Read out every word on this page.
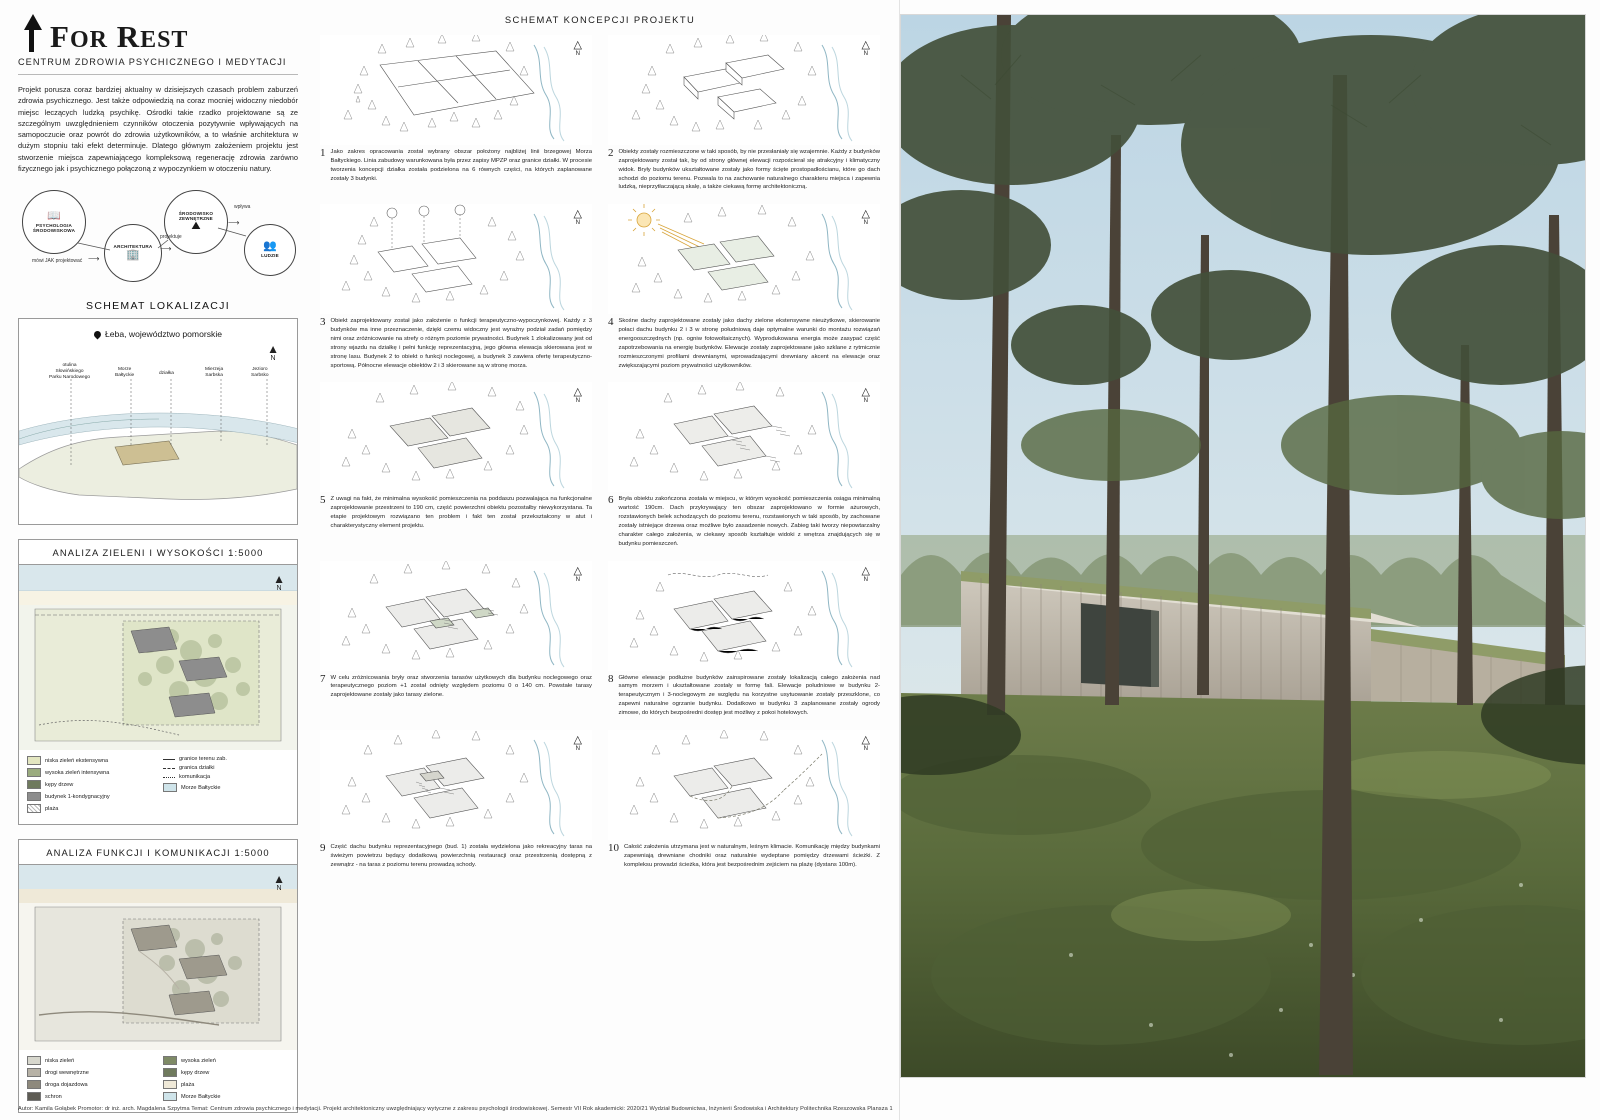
FOR REST
CENTRUM ZDROWIA PSYCHICZNEGO I MEDYTACJI
Projekt porusza coraz bardziej aktualny w dzisiejszych czasach problem zaburzeń zdrowia psychicznego. Jest także odpowiedzią na coraz mocniej widoczny niedobór miejsc leczących ludzką psychikę. Ośrodki takie rzadko projektowane są ze szczególnym uwzględnieniem czynników otoczenia pozytywnie wpływających na samopoczucie oraz powrót do zdrowia użytkowników, a to właśnie architektura w dużym stopniu taki efekt determinuje. Dlatego głównym założeniem projektu jest stworzenie miejsca zapewniającego kompleksową regenerację zdrowia zarówno fizycznego jak i psychicznego połączoną z wypoczynkiem w otoczeniu natury.
📖
PSYCHOLOGIA
ŚRODOWISKOWA
ARCHITEKTURA
🏢
ŚRODOWISKO
ZEWNĘTRZNE
⛰
👥
LUDZIE
mówi JAK projektować
projektuje
wpływa
⟶
⟶
⟶
SCHEMAT LOKALIZACJI
Łeba, województwo pomorskie
▲
N
otulina
Słowińskiego
Parku Narodowego
Morze
Bałtyckie	działka
Mierzeja
Sarbska
Jezioro
Sarbsko
ANALIZA ZIELENI I WYSOKOŚCI 1:5000
▲
N
niska zieleń ekstensywna
wysoka zieleń intensywna
kępy drzew
budynek 1-kondygnacyjny
plaża
granice terenu zab.
granica działki
komunikacja
Morze Bałtyckie
ANALIZA FUNKCJI I KOMUNIKACJI 1:5000
▲
N
niska zieleń
drogi wewnętrzne
droga dojazdowa
schron
wysoka zieleń
kępy drzew
plaża
Morze Bałtyckie
SCHEMAT KONCEPCJI PROJEKTU
△
N
1 Jako zakres opracowania został wybrany obszar położony najbliżej linii brzegowej Morza Bałtyckiego. Linia zabudowy warunkowana była przez zapisy MPZP oraz granice działki. W procesie tworzenia koncepcji działka została podzielona na 6 równych części, na których zaplanowane zostały 3 budynki.
△
N
2 Obiekty zostały rozmieszczone w taki sposób, by nie przesłaniały się wzajemnie. Każdy z budynków zaprojektowany został tak, by od strony głównej elewacji rozpościerał się atrakcyjny i klimatyczny widok. Bryły budynków ukształtowane zostały jako formy ścięte prostopadłościanu, które go dach schodzi do poziomu terenu. Pozwala to na zachowanie naturalnego charakteru miejsca i zapewnia ludzką, nieprzytłaczającą skalę, a także ciekawą formę architektoniczną.
△
N
3 Obiekt zaprojektowany został jako założenie o funkcji terapeutyczno-wypoczynkowej. Każdy z 3 budynków ma inne przeznaczenie, dzięki czemu widoczny jest wyraźny podział zadań pomiędzy nimi oraz zróżnicowanie na strefy o różnym poziomie prywatności. Budynek 1 zlokalizowany jest od strony wjazdu na działkę i pełni funkcję reprezentacyjną, jego główna elewacja skierowana jest w stronę lasu. Budynek 2 to obiekt o funkcji noclegowej, a budynek 3 zawiera ofertę terapeutyczno-sportową. Północne elewacje obiektów 2 i 3 skierowane są w stronę morza.
△
N
4 Skośne dachy zaprojektowane zostały jako dachy zielone ekstensywne nieużytkowe, skierowanie połaci dachu budynku 2 i 3 w stronę południową daje optymalne warunki do montażu rozwiązań energooszczędnych (np. ogniw fotowoltaicznych). Wyprodukowana energia może zasypać część zapotrzebowania na energię budynków. Elewacje zostały zaprojektowane jako szklane z rytmicznie rozmieszczonymi profilami drewnianymi, wprowadzającymi drewniany akcent na elewacje oraz zwiększającymi poziom prywatności użytkowników.
△
N
5 Z uwagi na fakt, że minimalna wysokość pomieszczenia na poddaszu pozwalająca na funkcjonalne zaprojektowanie przestrzeni to 190 cm, część powierzchni obiektu pozostałby niewykorzystana. Ta etapie projektowym rozwiązano ten problem i fakt ten został przekształcony w atut i charakterystyczny element projektu.
△
N
6 Bryła obiektu zakończona została w miejscu, w którym wysokość pomieszczenia osiąga minimalną wartość 190cm. Dach przykrywający ten obszar zaprojektowano w formie ażurowych, rozstawionych belek schodzących do poziomu terenu, rozstawionych w taki sposób, by zachowane zostały istniejące drzewa oraz możliwe było zasadzenie nowych. Zabieg taki tworzy niepowtarzalny charakter całego założenia, w ciekawy sposób kształtuje widoki z wnętrza znajdujących się w budynku pomieszczeń.
△
N
7 W celu zróżnicowania bryły oraz stworzenia tarasów użytkowych dla budynku noclegowego oraz terapeutycznego poziom +1 został odnięty względem poziomu 0 o 140 cm. Powstałe tarasy zaprojektowane zostały jako tarasy zielone.
△
N
8 Główne elewacje podłużne budynków zainspirowane zostały lokalizacją całego założenia nad samym morzem i ukształtowane zostały w formę fali. Elewacje południowe w budynku 2-terapeutycznym i 3-noclegowym ze względu na korzystne usytuowanie zostały przeszklone, co zapewni naturalne ogrzanie budynku. Dodatkowo w budynku 3 zaplanowane zostały ogrody zimowe, do których bezpośredni dostęp jest możliwy z pokoi hotelowych.
△
N
9 Część dachu budynku reprezentacyjnego (bud. 1) została wydzielona jako rekreacyjny taras na świeżym powietrzu będący dodatkową powierzchnią restauracji oraz przestrzenią dostępną z zewnątrz - na taras z poziomu terenu prowadzą schody.
△
N
10 Całość założenia utrzymana jest w naturalnym, leśnym klimacie. Komunikację między budynkami zapewniają drewniane chodniki oraz naturalnie wydeptane pomiędzy drzewami ścieżki. Z kompleksu prowadzi ścieżka, która jest bezpośrednim zejściem na plażę (dystans 100m).
Autor: Kamila Gołąbek Promotor: dr inż. arch. Magdalena Szpytma Temat: Centrum zdrowia psychicznego i medytacji. Projekt architektoniczny uwzględniający wytyczne z zakresu psychologii środowiskowej. Semestr VII Rok akademicki: 2020/21 Wydział Budownictwa, Inżynierii Środowiska i Architektury Politechnika Rzeszowska Plansza 1
